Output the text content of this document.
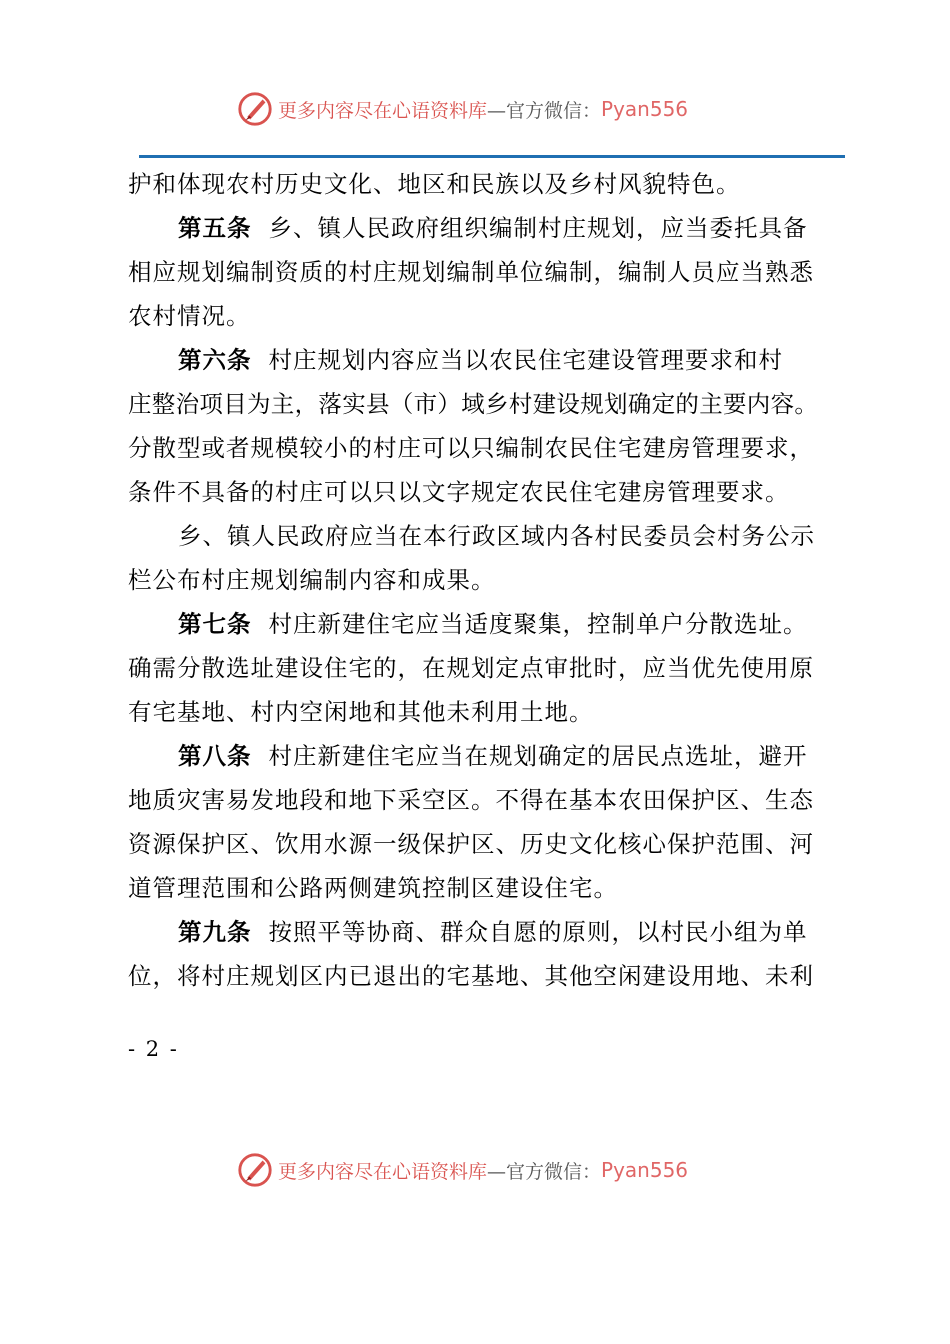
更多内容尽在心语资料库 —官方微信： Pyan556
护和体现农村历史文化、地区和民族以及乡村风貌特色。
第五条 乡、镇人民政府组织编制村庄规划，应当委托具备
相应规划编制资质的村庄规划编制单位编制，编制人员应当熟悉
农村情况。
第六条 村庄规划内容应当以农民住宅建设管理要求和村
庄整治项目为主，落实县（市）域乡村建设规划确定的主要内容。
分散型或者规模较小的村庄可以只编制农民住宅建房管理要求，
条件不具备的村庄可以只以文字规定农民住宅建房管理要求。
乡、镇人民政府应当在本行政区域内各村民委员会村务公示
栏公布村庄规划编制内容和成果。
第七条 村庄新建住宅应当适度聚集，控制单户分散选址。
确需分散选址建设住宅的，在规划定点审批时，应当优先使用原
有宅基地、村内空闲地和其他未利用土地。
第八条 村庄新建住宅应当在规划确定的居民点选址，避开
地质灾害易发地段和地下采空区。不得在基本农田保护区、生态
资源保护区、饮用水源一级保护区、历史文化核心保护范围、河
道管理范围和公路两侧建筑控制区建设住宅。
第九条 按照平等协商、群众自愿的原则，以村民小组为单
位，将村庄规划区内已退出的宅基地、其他空闲建设用地、未利
- 2 -
更多内容尽在心语资料库 —官方微信： Pyan556
